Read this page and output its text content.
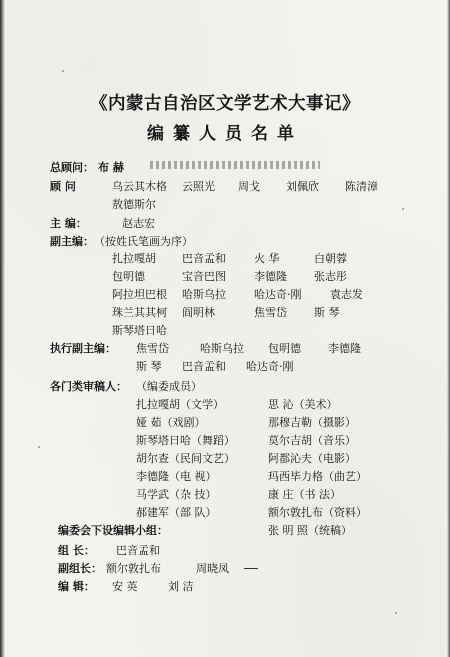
《内蒙古自治区文学艺术大事记》
编纂人员名单
总顾问： 布 赫
顾 问	乌云其木格 云照光 周戈 刘佩欣 陈清漳
敖德斯尔
主 编：	赵志宏
副主编： （按姓氏笔画为序）
扎拉嘎胡 巴音孟和	火 华	白朝蓉
包明德	宝音巴图	李德隆 张志彤
阿拉坦巴根 哈斯乌拉	哈达奇·刚	袁志发
珠兰其其柯 阎明林	焦雪岱 斯 琴
斯琴塔日哈
执行副主编： 焦雪岱	哈斯乌拉 包明德 李德隆
斯 琴 巴音孟和 哈达奇·刚
各门类审稿人： （编委成员）
扎拉嘎胡（文学）	思 沁（美术）
娅 茹（戏剧）	那穆吉勒（摄影）
斯琴塔日哈（舞蹈）	莫尔吉胡（音乐）
胡尔查（民间文艺）	阿都沁夫（电影）
李德隆（电 视）	玛西毕力格（曲艺）
马学武（杂 技）	康 庄（书 法）
郝建军（部 队）	额尔敦扎布（资料）
张 明 照（统稿）
编委会下设编辑小组：
组 长： 巴音孟和
副组长： 额尔敦扎布	周晓凤
编 辑： 安 英	刘 洁
